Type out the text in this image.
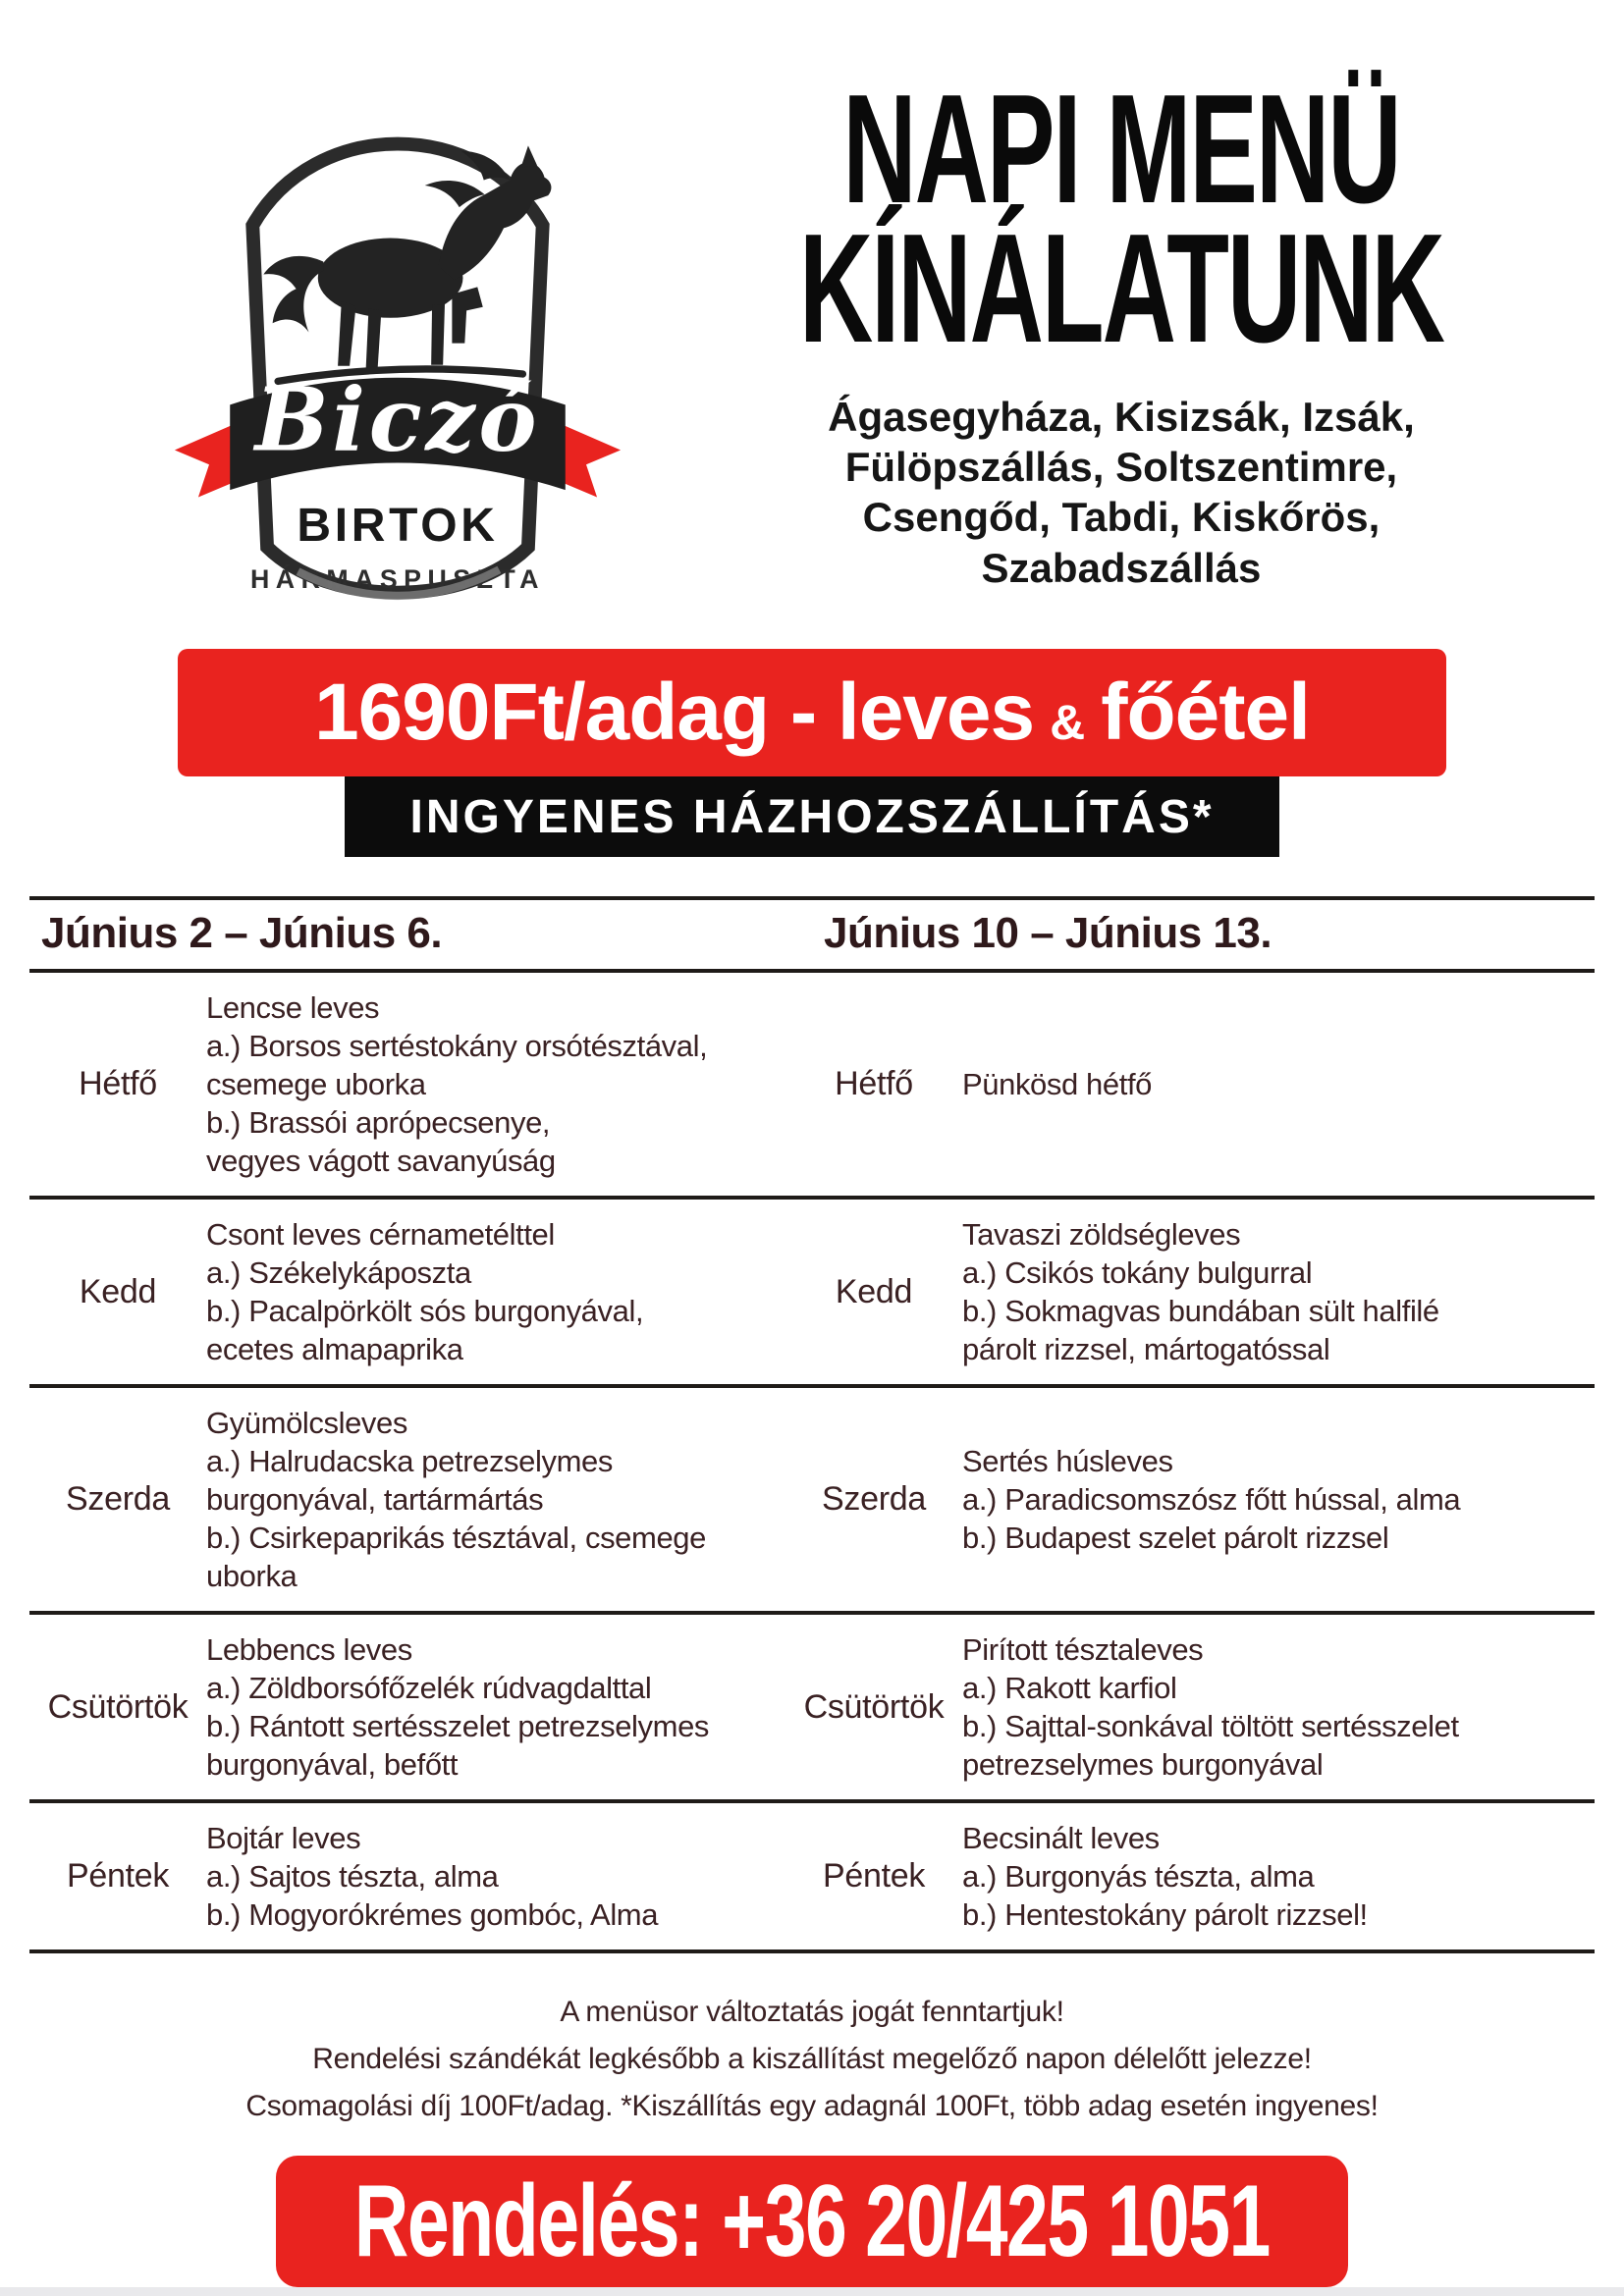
Biczó
BIRTOK
HÁRMASPUSZTA
NAPI MENÜ
KÍNÁLATUNK
Ágasegyháza, Kisizsák, Izsák,
Fülöpszállás, Soltszentimre,
Csengőd, Tabdi, Kiskőrös,
Szabadszállás
1690Ft/adag - leves & főétel
INGYENES HÁZHOZSZÁLLÍTÁS*
Június 2 – Június 6.	Június 10 – Június 13.
Hétfő
Lencse leves
a.) Borsos sertéstokány orsótésztával,
csemege uborka
b.) Brassói aprópecsenye,
vegyes vágott savanyúság
Hétfő	Pünkösd hétfő
Kedd
Csont leves cérnametélttel
a.) Székelykáposzta
b.) Pacalpörkölt sós burgonyával,
ecetes almapaprika
Kedd
Tavaszi zöldségleves
a.) Csikós tokány bulgurral
b.) Sokmagvas bundában sült halfilé
párolt rizzsel, mártogatóssal
Szerda
Gyümölcsleves
a.) Halrudacska petrezselymes
burgonyával, tartármártás
b.) Csirkepaprikás tésztával, csemege
uborka
Szerda
Sertés húsleves
a.) Paradicsomszósz főtt hússal, alma
b.) Budapest szelet párolt rizzsel
Csütörtök
Lebbencs leves
a.) Zöldborsófőzelék rúdvagdalttal
b.) Rántott sertésszelet petrezselymes
burgonyával, befőtt
Csütörtök
Pirított tésztaleves
a.) Rakott karfiol
b.) Sajttal-sonkával töltött sertésszelet
petrezselymes burgonyával
Péntek
Bojtár leves
a.) Sajtos tészta, alma
b.) Mogyorókrémes gombóc, Alma
Péntek
Becsinált leves
a.) Burgonyás tészta, alma
b.) Hentestokány párolt rizzsel!
A menüsor változtatás jogát fenntartjuk!
Rendelési szándékát legkésőbb a kiszállítást megelőző napon délelőtt jelezze!
Csomagolási díj 100Ft/adag. *Kiszállítás egy adagnál 100Ft, több adag esetén ingyenes!
Rendelés: +36 20/425 1051
